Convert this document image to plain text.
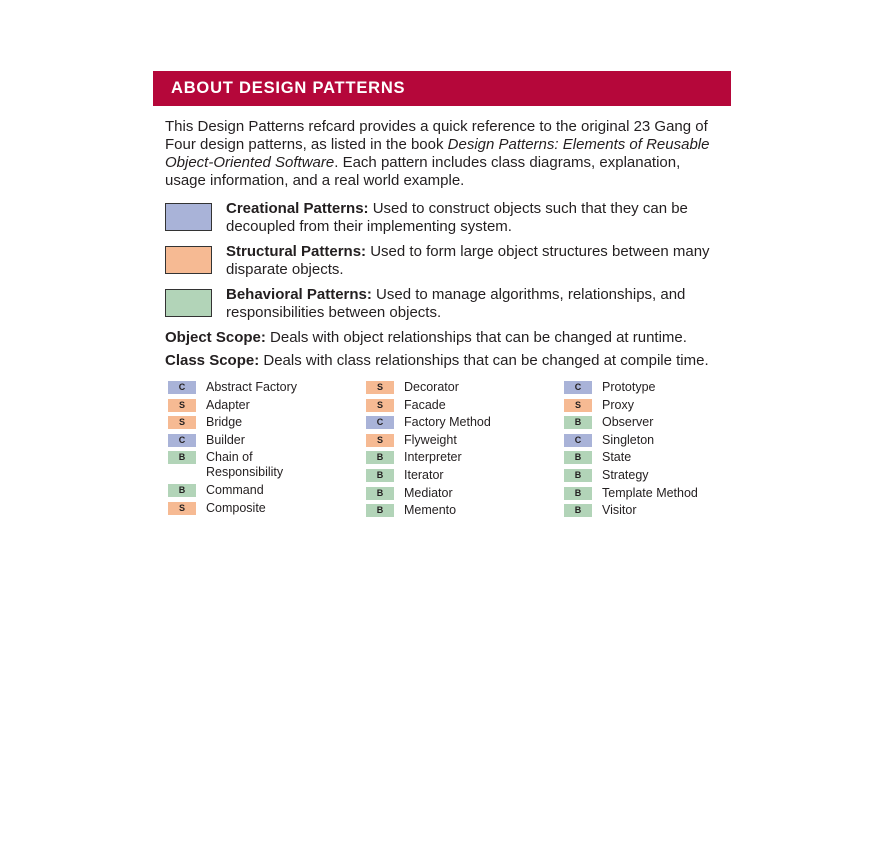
ABOUT DESIGN PATTERNS
This Design Patterns refcard provides a quick reference to the original 23 Gang of Four design patterns, as listed in the book Design Patterns: Elements of Reusable Object-Oriented Software. Each pattern includes class diagrams, explanation, usage information, and a real world example.
Creational Patterns: Used to construct objects such that they can be decoupled from their implementing system.
Structural Patterns: Used to form large object structures between many disparate objects.
Behavioral Patterns: Used to manage algorithms, relationships, and responsibilities between objects.
Object Scope: Deals with object relationships that can be changed at runtime.
Class Scope: Deals with class relationships that can be changed at compile time.
C	Abstract Factory
S	Adapter
S	Bridge
C	Builder
B	Chain of Responsibility
B	Command
S	Composite
S	Decorator
S	Facade
C	Factory Method
S	Flyweight
B	Interpreter
B	Iterator
B	Mediator
B	Memento
C	Prototype
S	Proxy
B	Observer
C	Singleton
B	State
B	Strategy
B	Template Method
B	Visitor
